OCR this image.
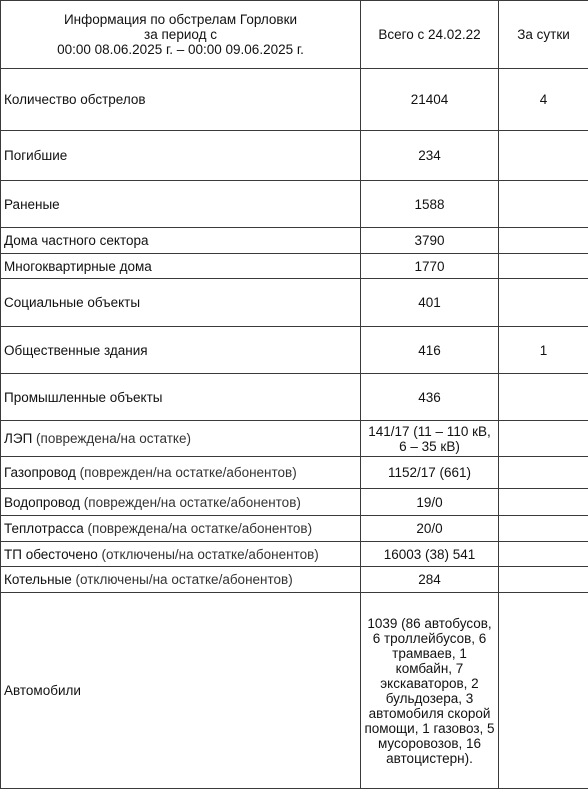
Информация по обстрелам Горловки
за период с
00:00 08.06.2025 г. – 00:00 09.06.2025 г.	Всего с 24.02.22	За сутки
Количество обстрелов	21404	4
Погибшие	234	
Раненые	1588	
Дома частного сектора	3790	
Многоквартирные дома	1770	
Социальные объекты	401	
Общественные здания	416	1
Промышленные объекты	436	
ЛЭП (повреждена/на остатке)	141/17 (11 – 110 кВ, 6 – 35 кВ)	
Газопровод (поврежден/на остатке/абонентов)	1152/17 (661)	
Водопровод (поврежден/на остатке/абонентов)	19/0	
Теплотрасса (повреждена/на остатке/абонентов)	20/0	
ТП обесточено (отключены/на остатке/абонентов)	16003 (38) 541	
Котельные (отключены/на остатке/абонентов)	284	
Автомобили	1039 (86 автобусов, 6 троллейбусов, 6 трамваев, 1 комбайн, 7 экскаваторов, 2 бульдозера, 3 автомобиля скорой помощи, 1 газовоз, 5 мусоровозов, 16 автоцистерн).	
